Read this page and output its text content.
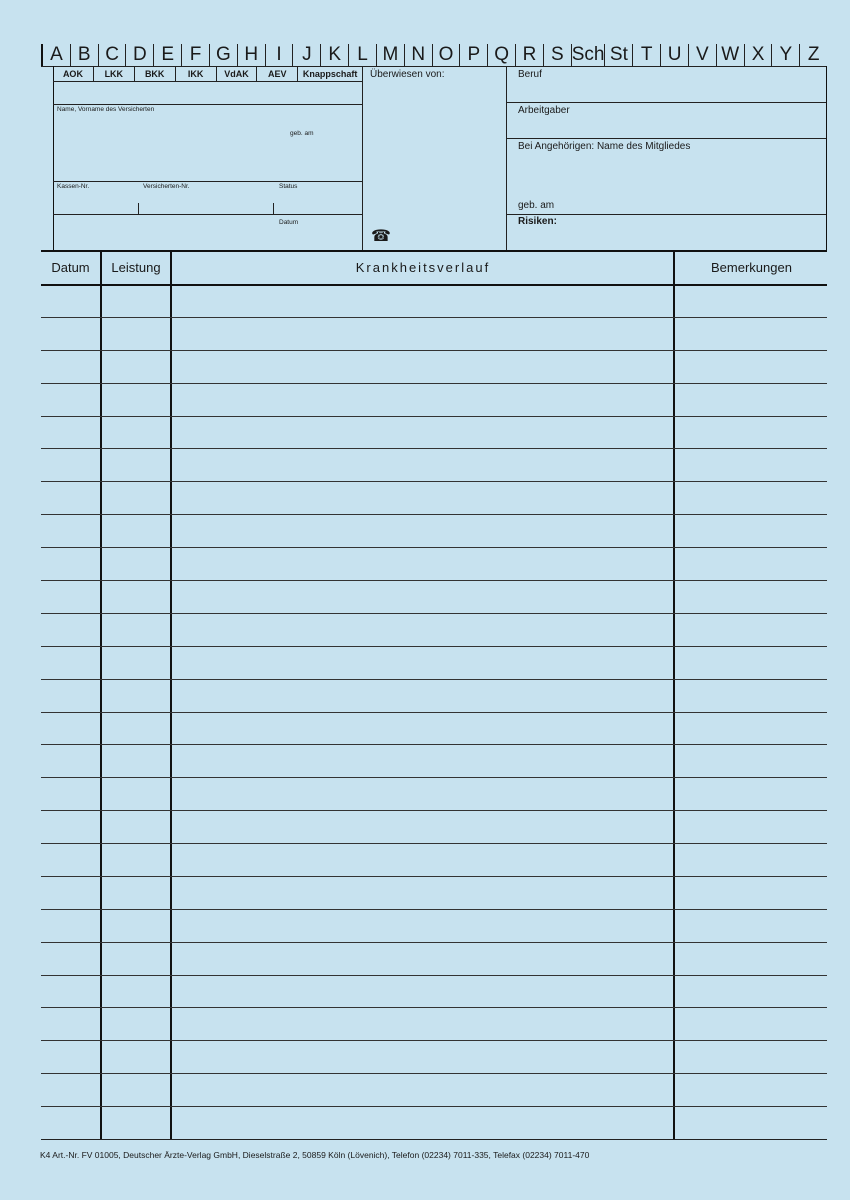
A B C D E F G H I	J K L M N O P Q R S Sch St T U V W X Y Z
AOK	LKK	BKK	IKK	VdAK	AEV	Knappschaft
Name, Vorname des Versicherten
geb. am
Kassen-Nr.	Versicherten-Nr.	Status
Datum
Überwiesen von:
☎
Beruf
Arbeitgaber
Bei Angehörigen: Name des Mitgliedes
geb. am
Risiken:
Datum	Leistung	Krankheitsverlauf	Bemerkungen
K4 Art.-Nr. FV 01005, Deutscher Ärzte-Verlag GmbH, Dieselstraße 2, 50859 Köln (Lövenich), Telefon (02234) 7011-335, Telefax (02234) 7011-470
